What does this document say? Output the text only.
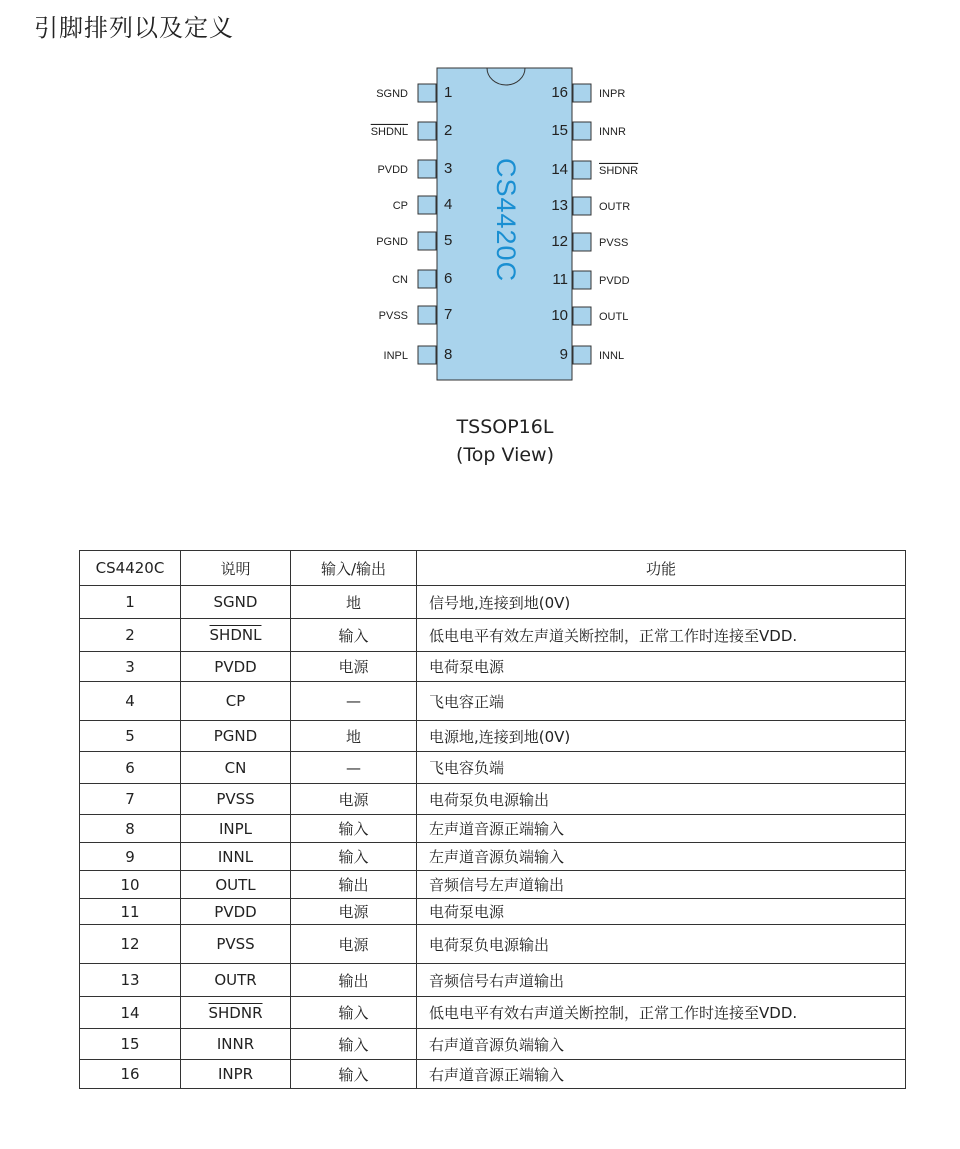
引脚排列以及定义
CS4420C
SGND 1
SHDNL 2
PVDD 3
CP 4
PGND 5
CN 6
PVSS 7
INPL 8
INPR
16
INNR
15
SHDNR
14
OUTR
13
PVSS
12
PVDD
11
OUTL
10
INNL
9
TSSOP16L
(Top View)
CS4420C	说明	输入/输出	功能
1	SGND	地	信号地,连接到地(0V)
2	SHDNL	输入	低电电平有效左声道关断控制，正常工作时连接至VDD.
3	PVDD	电源	电荷泵电源
4	CP	—	飞电容正端
5	PGND	地	电源地,连接到地(0V)
6	CN	—	飞电容负端
7	PVSS	电源	电荷泵负电源输出
8	INPL	输入	左声道音源正端输入
9	INNL	输入	左声道音源负端输入
10	OUTL	输出	音频信号左声道输出
11	PVDD	电源	电荷泵电源
12	PVSS	电源	电荷泵负电源输出
13	OUTR	输出	音频信号右声道输出
14	SHDNR	输入	低电电平有效右声道关断控制，正常工作时连接至VDD.
15	INNR	输入	右声道音源负端输入
16	INPR	输入	右声道音源正端输入
